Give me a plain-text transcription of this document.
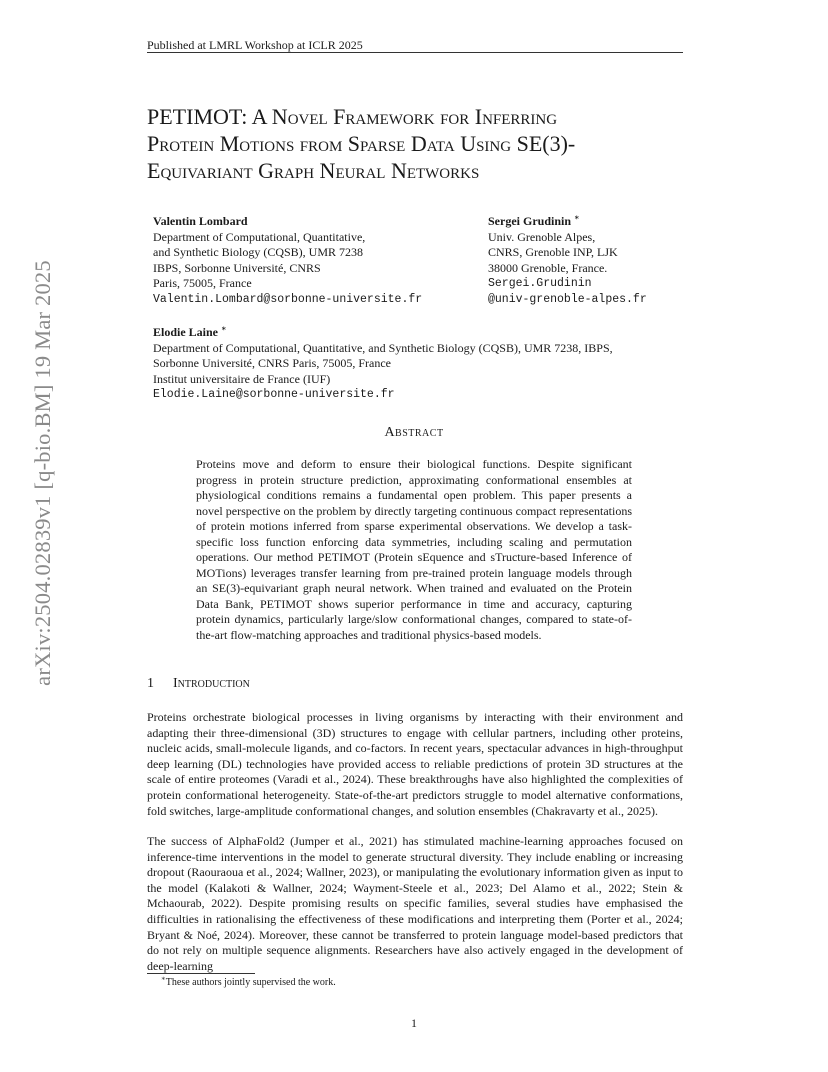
Published at LMRL Workshop at ICLR 2025
arXiv:2504.02839v1 [q-bio.BM] 19 Mar 2025
PETIMOT: A Novel Framework for Inferring
Protein Motions from Sparse Data Using SE(3)-
Equivariant Graph Neural Networks
Valentin Lombard
Department of Computational, Quantitative,
and Synthetic Biology (CQSB), UMR 7238
IBPS, Sorbonne Université, CNRS
Paris, 75005, France
Valentin.Lombard@sorbonne-universite.fr
Sergei Grudinin ∗
Univ. Grenoble Alpes,
CNRS, Grenoble INP, LJK
38000 Grenoble, France.
Sergei.Grudinin
@univ-grenoble-alpes.fr
Elodie Laine ∗
Department of Computational, Quantitative, and Synthetic Biology (CQSB), UMR 7238, IBPS,
Sorbonne Université, CNRS Paris, 75005, France
Institut universitaire de France (IUF)
Elodie.Laine@sorbonne-universite.fr
Abstract
Proteins move and deform to ensure their biological functions. Despite significant progress in protein structure prediction, approximating conformational ensembles at physiological conditions remains a fundamental open problem. This paper presents a novel perspective on the problem by directly targeting continuous compact representations of protein motions inferred from sparse experimental observations. We develop a task-specific loss function enforcing data symmetries, including scaling and permutation operations. Our method PETIMOT (Protein sEquence and sTructure-based Inference of MOTions) leverages transfer learning from pre-trained protein language models through an SE(3)-equivariant graph neural network. When trained and evaluated on the Protein Data Bank, PETIMOT shows superior performance in time and accuracy, capturing protein dynamics, particularly large/slow conformational changes, compared to state-of-the-art flow-matching approaches and traditional physics-based models.
1 Introduction
Proteins orchestrate biological processes in living organisms by interacting with their environment and adapting their three-dimensional (3D) structures to engage with cellular partners, including other proteins, nucleic acids, small-molecule ligands, and co-factors. In recent years, spectacular advances in high-throughput deep learning (DL) technologies have provided access to reliable predictions of protein 3D structures at the scale of entire proteomes (Varadi et al., 2024). These breakthroughs have also highlighted the complexities of protein conformational heterogeneity. State-of-the-art predictors struggle to model alternative conformations, fold switches, large-amplitude conformational changes, and solution ensembles (Chakravarty et al., 2025).
The success of AlphaFold2 (Jumper et al., 2021) has stimulated machine-learning approaches focused on inference-time interventions in the model to generate structural diversity. They include enabling or increasing dropout (Raouraoua et al., 2024; Wallner, 2023), or manipulating the evolutionary information given as input to the model (Kalakoti & Wallner, 2024; Wayment-Steele et al., 2023; Del Alamo et al., 2022; Stein & Mchaourab, 2022). Despite promising results on specific families, several studies have emphasised the difficulties in rationalising the effectiveness of these modifications and interpreting them (Porter et al., 2024; Bryant & Noé, 2024). Moreover, these cannot be transferred to protein language model-based predictors that do not rely on multiple sequence alignments. Researchers have also actively engaged in the development of deep-learning
∗These authors jointly supervised the work.
1
